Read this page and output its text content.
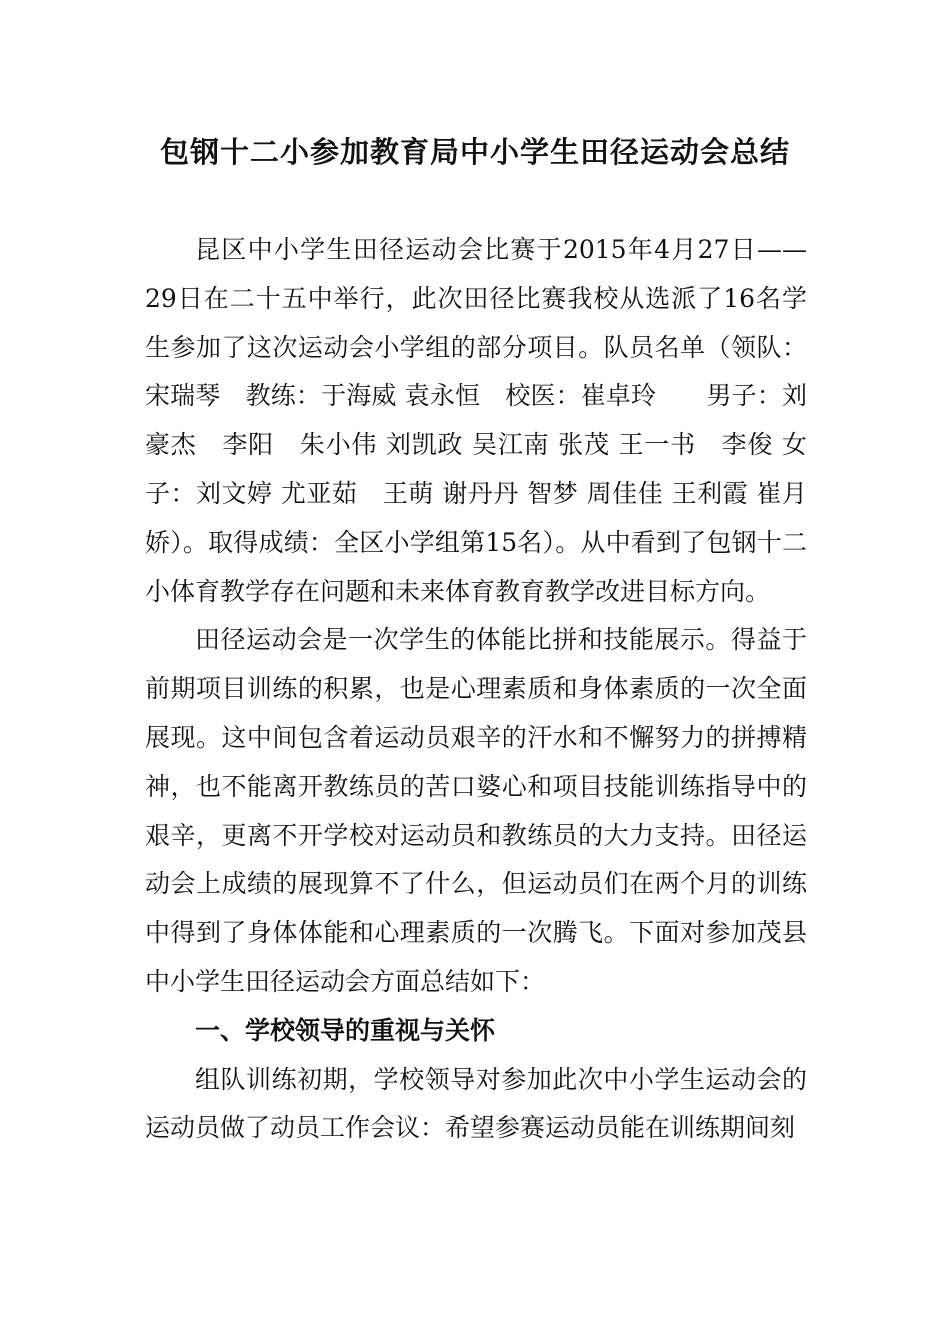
包钢十二小参加教育局中小学生田径运动会总结

昆区中小学生田径运动会比赛于2015年4月27日——29日在二十五中举行，此次田径比赛我校从选派了16名学生参加了这次运动会小学组的部分项目。队员名单（领队：宋瑞琴　教练：于海威 袁永恒　校医：崔卓玲　　男子：刘豪杰　李阳　朱小伟 刘凯政 吴江南 张茂 王一书　李俊 女子：刘文婷 尤亚茹　王萌 谢丹丹 智梦 周佳佳 王利霞 崔月娇）。取得成绩：全区小学组第15名）。从中看到了包钢十二小体育教学存在问题和未来体育教育教学改进目标方向。

田径运动会是一次学生的体能比拼和技能展示。得益于前期项目训练的积累，也是心理素质和身体素质的一次全面展现。这中间包含着运动员艰辛的汗水和不懈努力的拼搏精神，也不能离开教练员的苦口婆心和项目技能训练指导中的艰辛，更离不开学校对运动员和教练员的大力支持。田径运动会上成绩的展现算不了什么，但运动员们在两个月的训练中得到了身体体能和心理素质的一次腾飞。下面对参加茂县中小学生田径运动会方面总结如下：

一、学校领导的重视与关怀

组队训练初期，学校领导对参加此次中小学生运动会的运动员做了动员工作会议：希望参赛运动员能在训练期间刻
